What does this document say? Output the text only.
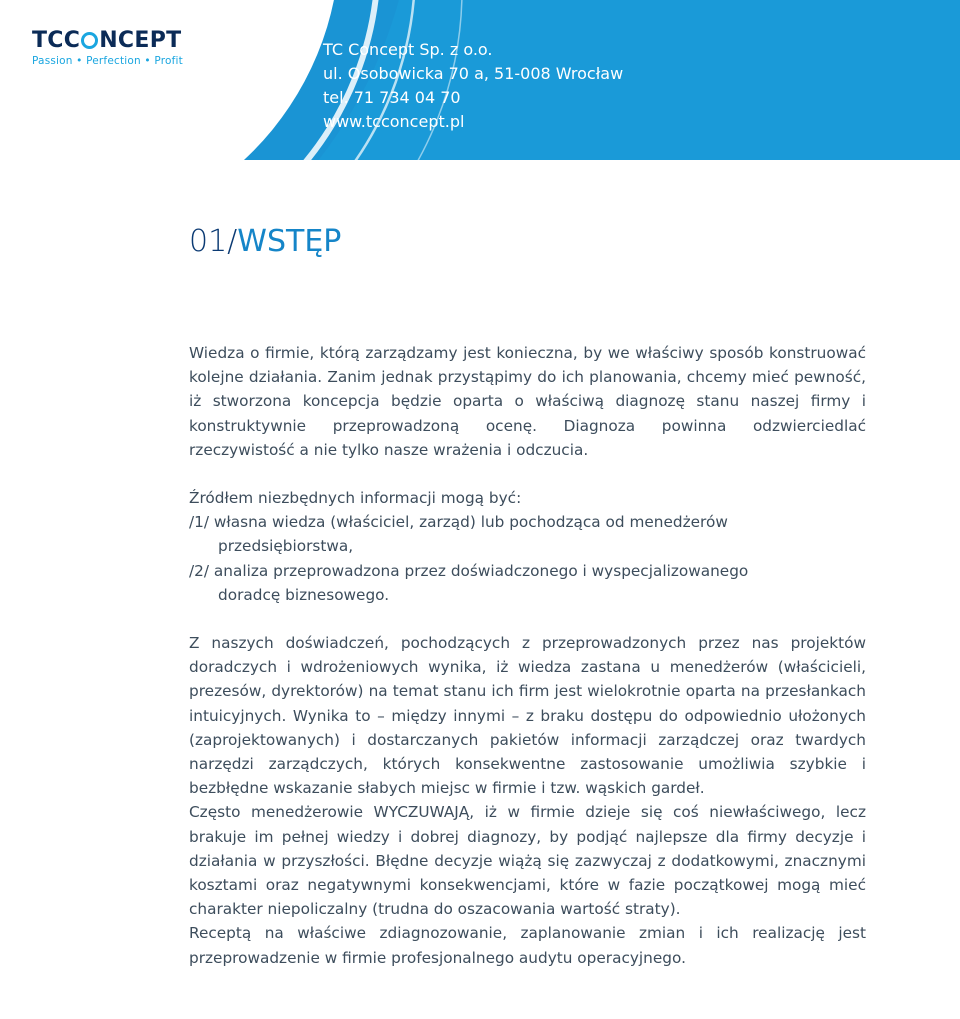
TCC NCEPT
Passion • Perfection • Profit
TC Concept Sp. z o.o.
ul. Osobowicka 70 a, 51-008 Wrocław
tel. 71 734 04 70
www.tcconcept.pl
01/WSTĘP

Wiedza o firmie, którą zarządzamy jest konieczna, by we właściwy sposób konstruować kolejne działania. Zanim jednak przystąpimy do ich planowania, chcemy mieć pewność, iż stworzona koncepcja będzie oparta o właściwą diagnozę stanu naszej firmy i konstruktywnie przeprowadzoną ocenę. Diagnoza powinna odzwierciedlać rzeczywistość a nie tylko nasze wrażenia i odczucia.

Źródłem niezbędnych informacji mogą być:
/1/ własna wiedza (właściciel, zarząd) lub pochodząca od menedżerów
przedsiębiorstwa,
/2/ analiza przeprowadzona przez doświadczonego i wyspecjalizowanego
doradcę biznesowego.

Z naszych doświadczeń, pochodzących z przeprowadzonych przez nas projektów doradczych i wdrożeniowych wynika, iż wiedza zastana u menedżerów (właścicieli, prezesów, dyrektorów) na temat stanu ich firm jest wielokrotnie oparta na przesłankach intuicyjnych. Wynika to – między innymi – z braku dostępu do odpowiednio ułożonych (zaprojektowanych) i dostarczanych pakietów informacji zarządczej oraz twardych narzędzi zarządczych, których konsekwentne zastosowanie umożliwia szybkie i bezbłędne wskazanie słabych miejsc w firmie i tzw. wąskich gardeł.

Często menedżerowie WYCZUWAJĄ, iż w firmie dzieje się coś niewłaściwego, lecz brakuje im pełnej wiedzy i dobrej diagnozy, by podjąć najlepsze dla firmy decyzje i działania w przyszłości. Błędne decyzje wiążą się zazwyczaj z dodatkowymi, znacznymi kosztami oraz negatywnymi konsekwencjami, które w fazie początkowej mogą mieć charakter niepoliczalny (trudna do oszacowania wartość straty).

Receptą na właściwe zdiagnozowanie, zaplanowanie zmian i ich realizację jest przeprowadzenie w firmie profesjonalnego audytu operacyjnego.
